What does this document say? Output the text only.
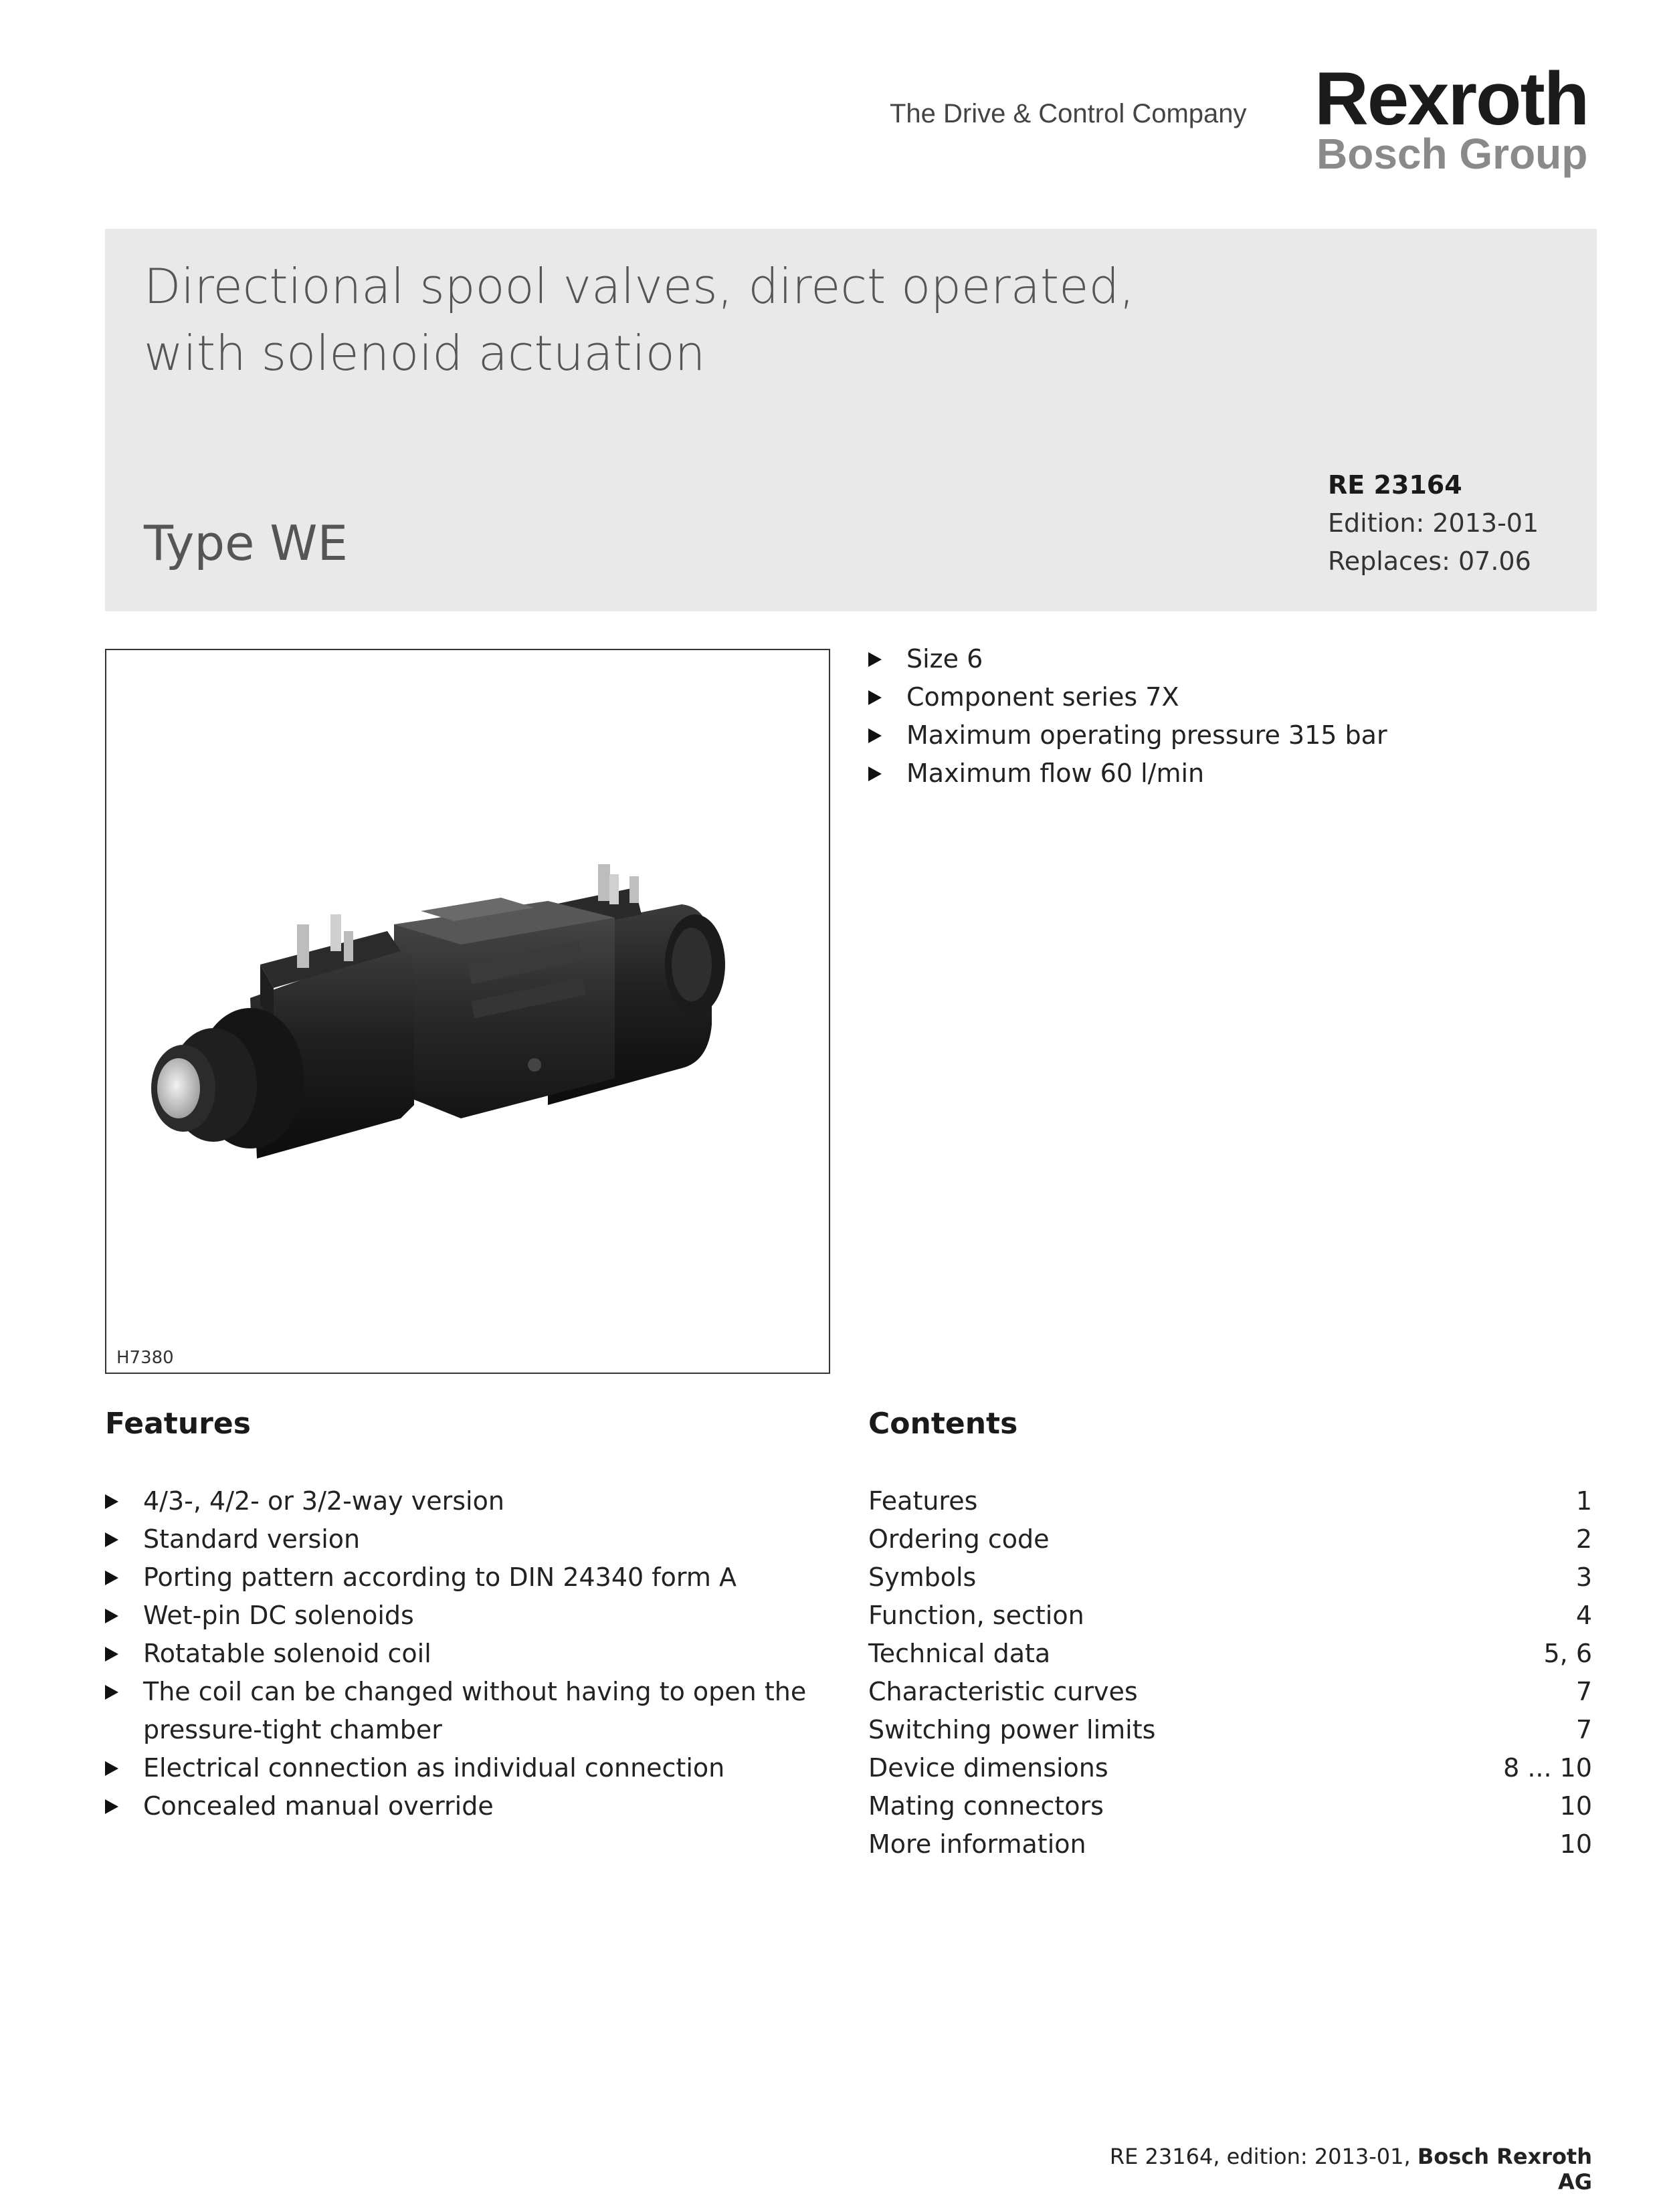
The Drive & Control Company Rexroth
Bosch Group
Directional spool valves, direct operated,
with solenoid actuation
Type WE
RE 23164
Edition: 2013-01
Replaces: 07.06
H7380
Size 6
Component series 7X
Maximum operating pressure 315 bar
Maximum flow 60 l/min
Features
4/3-, 4/2- or 3/2-way version
Standard version
Porting pattern according to DIN 24340 form A
Wet-pin DC solenoids
Rotatable solenoid coil
The coil can be changed without having to open the pressure-tight chamber
Electrical connection as individual connection
Concealed manual override
Contents
Features	1
Ordering code	2
Symbols	3
Function, section	4
Technical data	5, 6
Characteristic curves	7
Switching power limits	7
Device dimensions	8 ... 10
Mating connectors	10
More information	10
RE 23164, edition: 2013-01, Bosch Rexroth AG
